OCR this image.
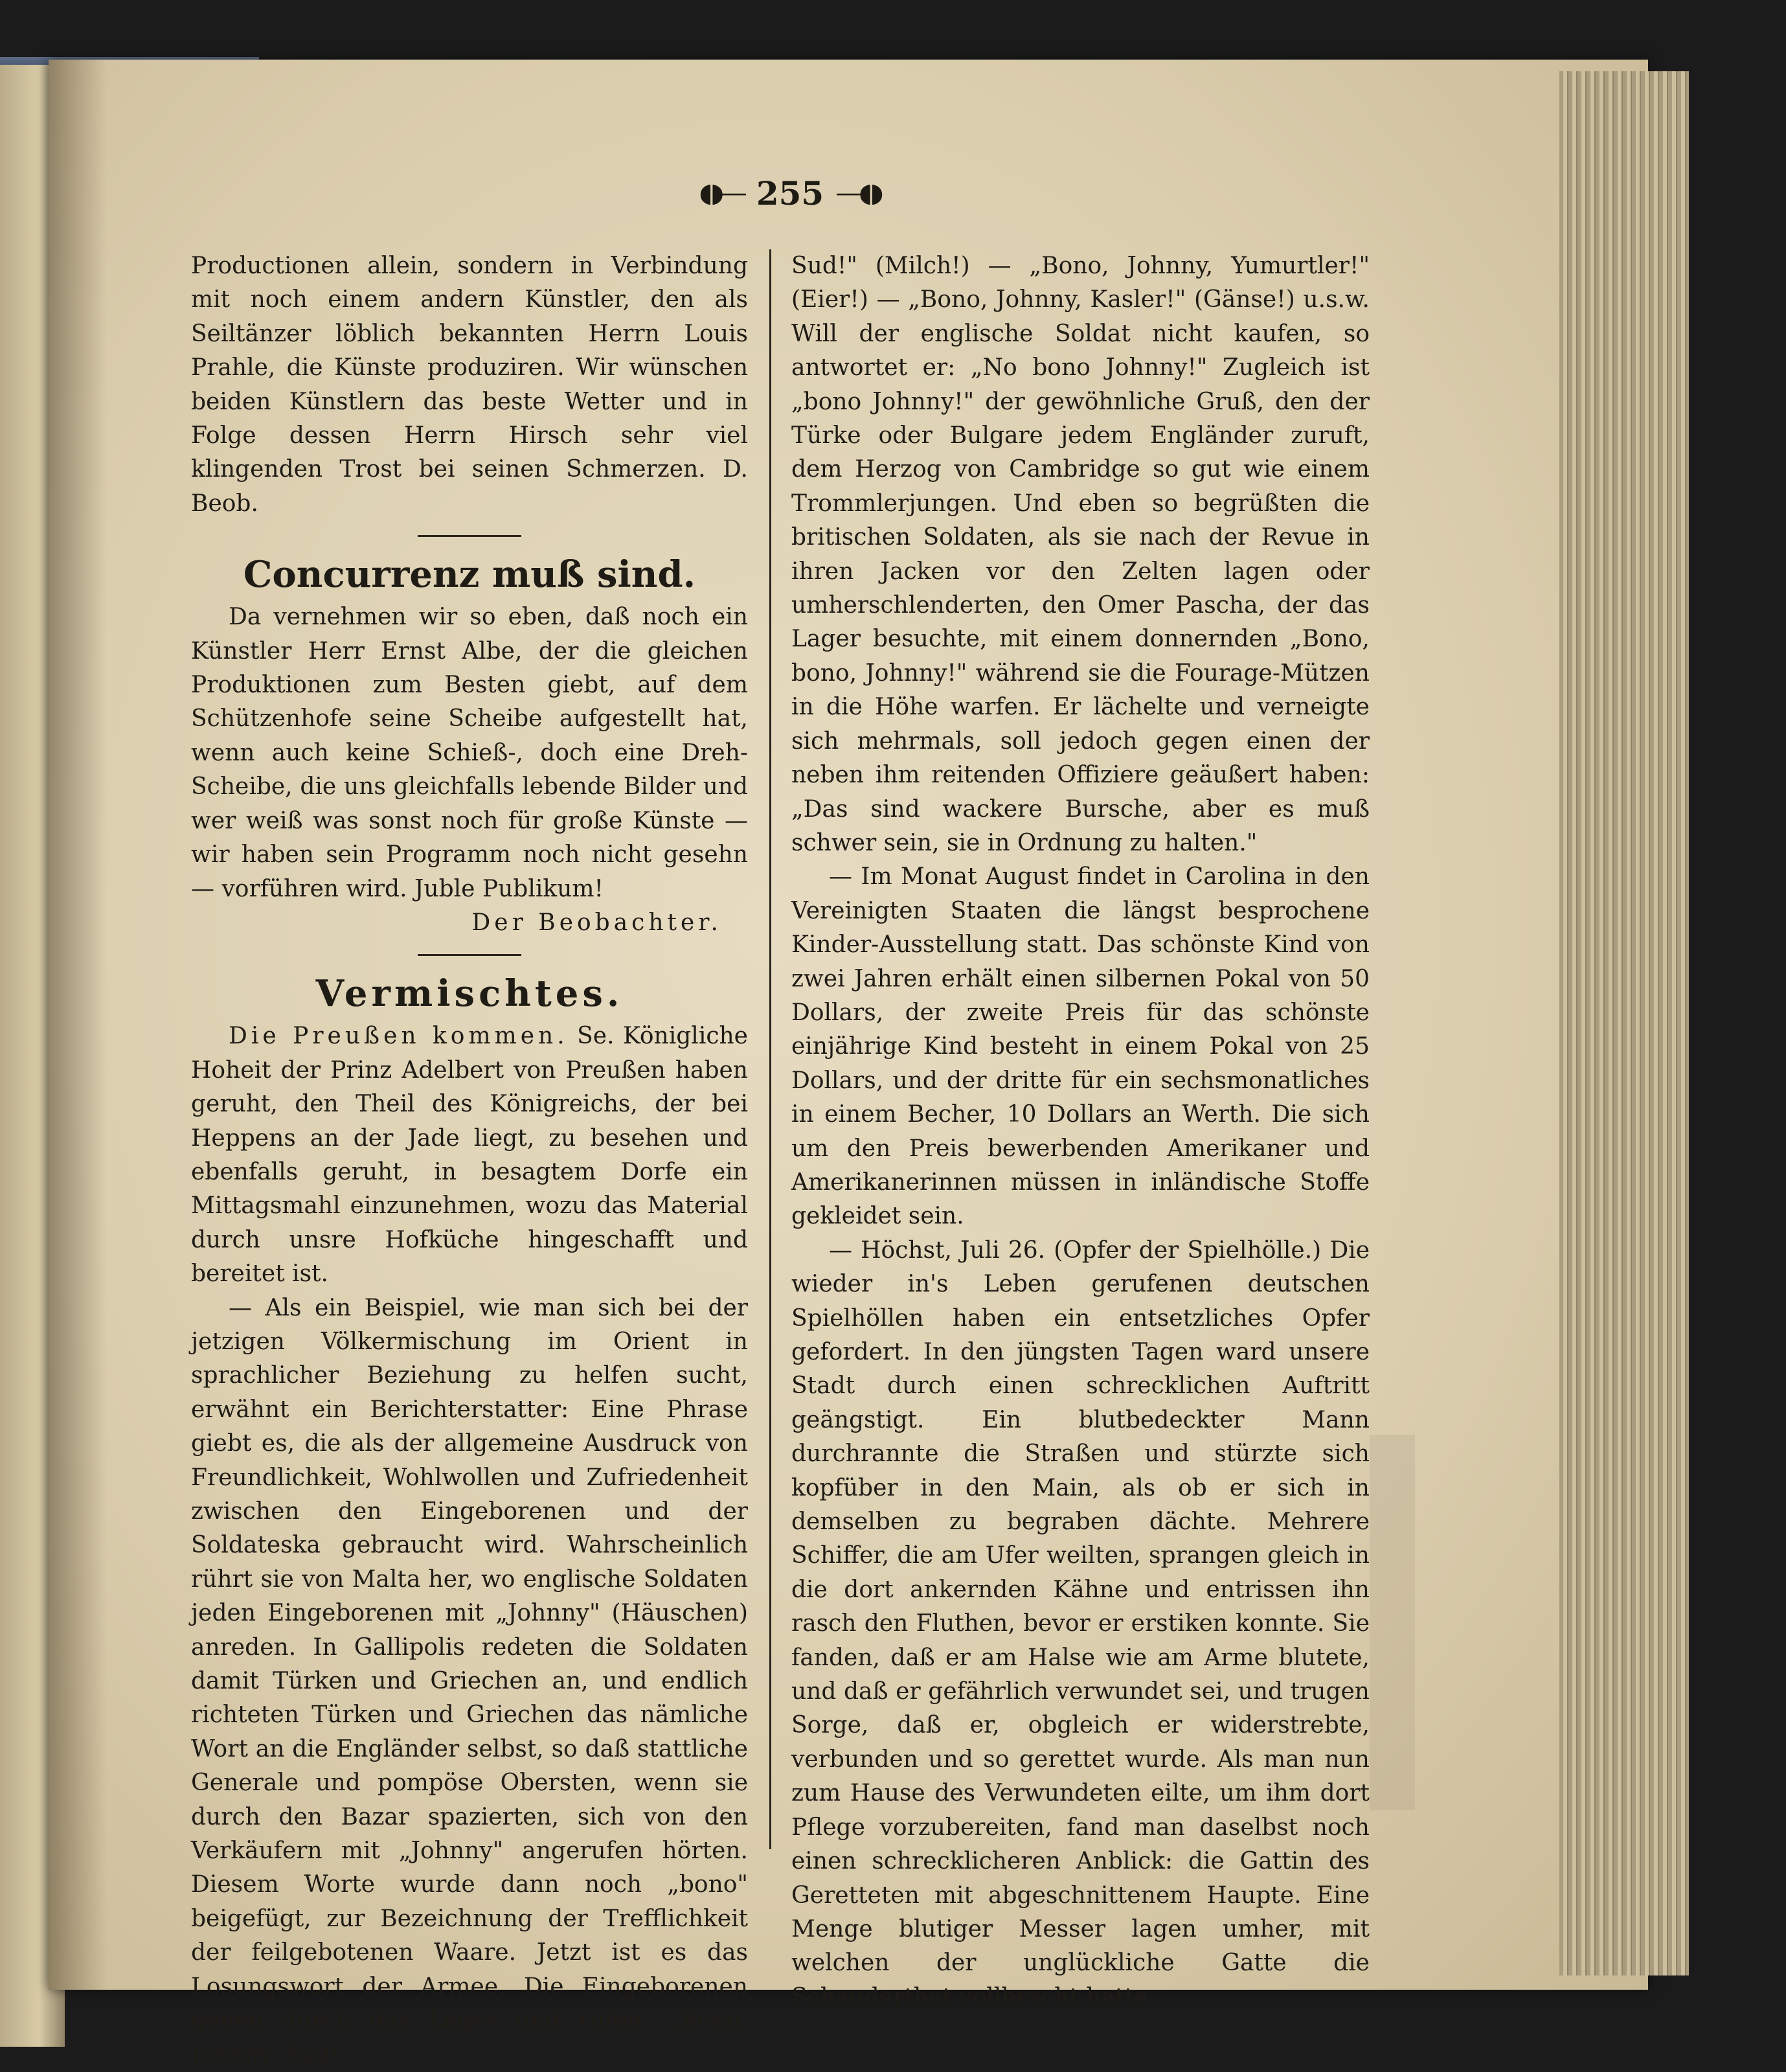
◖◗— 255 —◖◗

Productionen allein, sondern in Verbindung mit noch einem andern Künstler, den als Seiltänzer löblich bekannten Herrn Louis Prahle, die Künste produziren. Wir wünschen beiden Künstlern das beste Wetter und in Folge dessen Herrn Hirsch sehr viel klingenden Trost bei seinen Schmerzen. D. Beob.

Concurrenz muß sind.

Da vernehmen wir so eben, daß noch ein Künstler Herr Ernst Albe, der die gleichen Produktionen zum Besten giebt, auf dem Schützenhofe seine Scheibe aufgestellt hat, wenn auch keine Schieß-, doch eine Dreh-Scheibe, die uns gleichfalls lebende Bilder und wer weiß was sonst noch für große Künste — wir haben sein Programm noch nicht gesehn — vorführen wird. Juble Publikum!

Der Beobachter.

Vermischtes.

Die Preußen kommen. Se. Königliche Hoheit der Prinz Adelbert von Preußen haben geruht, den Theil des Königreichs, der bei Heppens an der Jade liegt, zu besehen und ebenfalls geruht, in besagtem Dorfe ein Mittagsmahl einzunehmen, wozu das Material durch unsre Hofküche hingeschafft und bereitet ist.

— Als ein Beispiel, wie man sich bei der jetzigen Völkermischung im Orient in sprachlicher Beziehung zu helfen sucht, erwähnt ein Berichterstatter: Eine Phrase giebt es, die als der allgemeine Ausdruck von Freundlichkeit, Wohlwollen und Zufriedenheit zwischen den Eingeborenen und der Soldateska gebraucht wird. Wahrscheinlich rührt sie von Malta her, wo englische Soldaten jeden Eingeborenen mit „Johnny" (Häuschen) anreden. In Gallipolis redeten die Soldaten damit Türken und Griechen an, und endlich richteten Türken und Griechen das nämliche Wort an die Engländer selbst, so daß stattliche Generale und pompöse Obersten, wenn sie durch den Bazar spazierten, sich von den Verkäufern mit „Johnny" angerufen hörten. Diesem Worte wurde dann noch „bono" beigefügt, zur Bezeichnung der Trefflichkeit der feilgebotenen Waare. Jetzt ist es das Losungswort der Armee. Die Eingeborenen gehen durch das Lager und rufen: „Bono, Johnny, Sud!

Sud!" (Milch!) — „Bono, Johnny, Yumurtler!" (Eier!) — „Bono, Johnny, Kasler!" (Gänse!) u.s.w. Will der englische Soldat nicht kaufen, so antwortet er: „No bono Johnny!" Zugleich ist „bono Johnny!" der gewöhnliche Gruß, den der Türke oder Bulgare jedem Engländer zuruft, dem Herzog von Cambridge so gut wie einem Trommlerjungen. Und eben so begrüßten die britischen Soldaten, als sie nach der Revue in ihren Jacken vor den Zelten lagen oder umherschlenderten, den Omer Pascha, der das Lager besuchte, mit einem donnernden „Bono, bono, Johnny!" während sie die Fourage-Mützen in die Höhe warfen. Er lächelte und verneigte sich mehrmals, soll jedoch gegen einen der neben ihm reitenden Offiziere geäußert haben: „Das sind wackere Bursche, aber es muß schwer sein, sie in Ordnung zu halten."

— Im Monat August findet in Carolina in den Vereinigten Staaten die längst besprochene Kinder-Ausstellung statt. Das schönste Kind von zwei Jahren erhält einen silbernen Pokal von 50 Dollars, der zweite Preis für das schönste einjährige Kind besteht in einem Pokal von 25 Dollars, und der dritte für ein sechsmonatliches in einem Becher, 10 Dollars an Werth. Die sich um den Preis bewerbenden Amerikaner und Amerikanerinnen müssen in inländische Stoffe gekleidet sein.

— Höchst, Juli 26. (Opfer der Spielhölle.) Die wieder in's Leben gerufenen deutschen Spielhöllen haben ein entsetzliches Opfer gefordert. In den jüngsten Tagen ward unsere Stadt durch einen schrecklichen Auftritt geängstigt. Ein blutbedeckter Mann durchrannte die Straßen und stürzte sich kopfüber in den Main, als ob er sich in demselben zu begraben dächte. Mehrere Schiffer, die am Ufer weilten, sprangen gleich in die dort ankernden Kähne und entrissen ihn rasch den Fluthen, bevor er erstiken konnte. Sie fanden, daß er am Halse wie am Arme blutete, und daß er gefährlich verwundet sei, und trugen Sorge, daß er, obgleich er widerstrebte, verbunden und so gerettet wurde. Als man nun zum Hause des Verwundeten eilte, um ihm dort Pflege vorzubereiten, fand man daselbst noch einen schrecklicheren Anblick: die Gattin des Geretteten mit abgeschnittenem Haupte. Eine Menge blutiger Messer lagen umher, mit welchen der unglückliche Gatte die Schauderthat vollbracht hatte.
